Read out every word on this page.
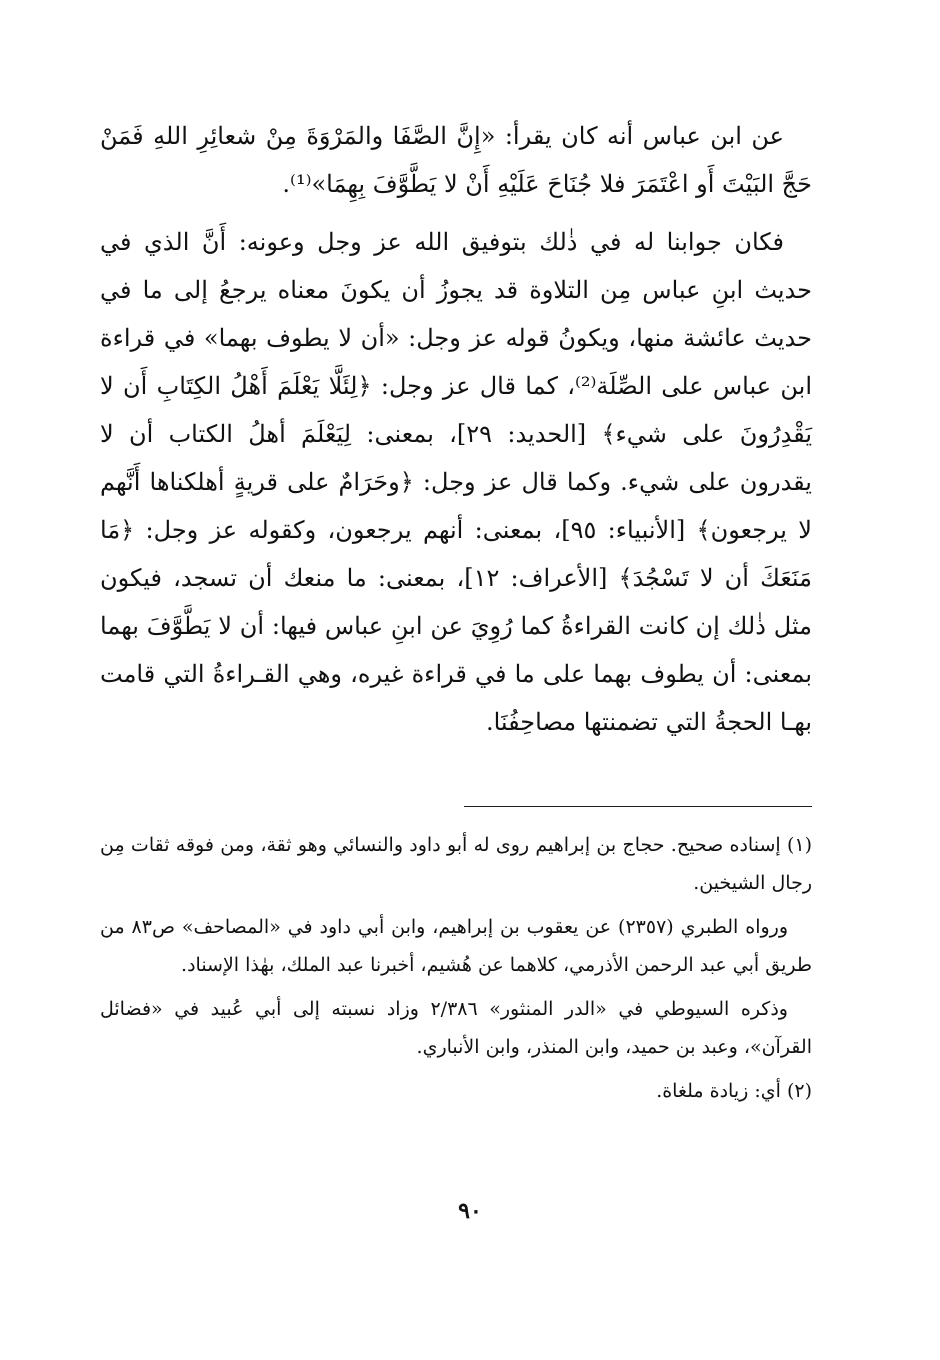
عن ابن عباس أنه كان يقرأ: «إِنَّ الصَّفَا والمَرْوَةَ مِنْ شعائِرِ اللهِ فَمَنْ حَجَّ البَيْتَ أَو اعْتَمَرَ فلا جُنَاحَ عَلَيْهِ أَنْ لا يَطَّوَّفَ بِهِمَا»⁽¹⁾.

فكان جوابنا له في ذٰلك بتوفيق الله عز وجل وعونه: أَنَّ الذي في حديث ابنِ عباس مِن التلاوة قد يجوزُ أن يكونَ معناه يرجعُ إلى ما في حديث عائشة منها، ويكونُ قوله عز وجل: «أن لا يطوف بهما» في قراءة ابن عباس على الصِّلَة⁽²⁾، كما قال عز وجل: ﴿لِئَلَّا يَعْلَمَ أَهْلُ الكِتَابِ أَن لا يَقْدِرُونَ على شيء﴾ [الحديد: ٢٩]، بمعنى: لِيَعْلَمَ أهلُ الكتاب أن لا يقدرون على شيء. وكما قال عز وجل: ﴿وحَرَامٌ على قريةٍ أهلكناها أَنَّهم لا يرجعون﴾ [الأنبياء: ٩٥]، بمعنى: أنهم يرجعون، وكقوله عز وجل: ﴿مَا مَنَعَكَ أن لا تَسْجُدَ﴾ [الأعراف: ١٢]، بمعنى: ما منعك أن تسجد، فيكون مثل ذٰلك إن كانت القراءةُ كما رُوِيَ عن ابنِ عباس فيها: أن لا يَطَّوَّفَ بهما بمعنى: أن يطوف بهما على ما في قراءة غيره، وهي القـراءةُ التي قامت بهـا الحجةُ التي تضمنتها مصاحِفُنَا.

(١) إسناده صحيح. حجاج بن إبراهيم روى له أبو داود والنسائي وهو ثقة، ومن فوقه ثقات مِن رجال الشيخين.

ورواه الطبري (٢٣٥٧) عن يعقوب بن إبراهيم، وابن أبي داود في «المصاحف» ص٨٣ من طريق أبي عبد الرحمن الأذرمي، كلاهما عن هُشيم، أخبرنا عبد الملك، بهٰذا الإسناد.

وذكره السيوطي في «الدر المنثور» ٢/٣٨٦ وزاد نسبته إلى أبي عُبيد في «فضائل القرآن»، وعبد بن حميد، وابن المنذر، وابن الأنباري.

(٢) أي: زيادة ملغاة.

٩٠
